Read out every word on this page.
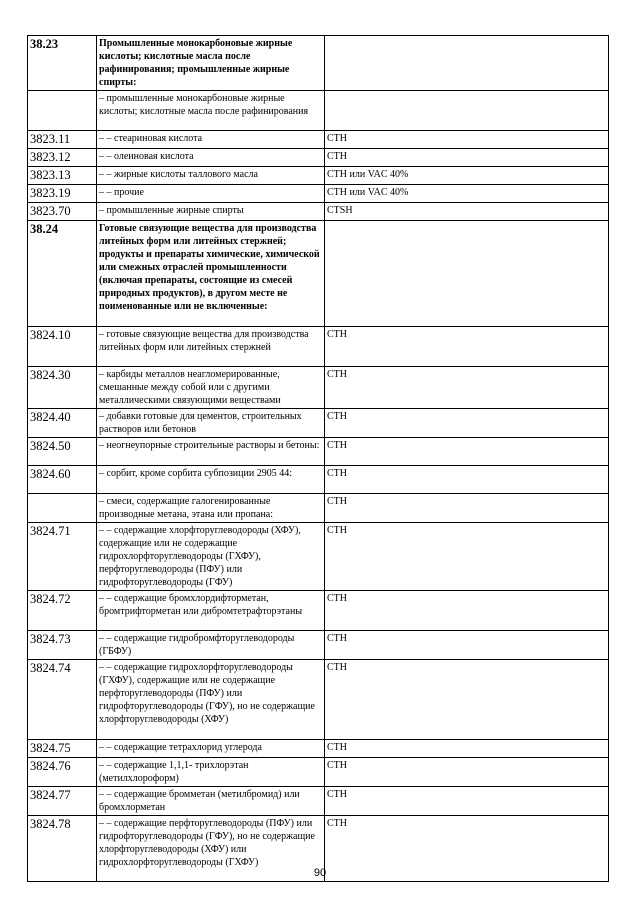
38.23	Промышленные монокарбоновые жирные кислоты; кислотные масла после рафинирования; промышленные жирные спирты:	
	– промышленные монокарбоновые жирные кислоты; кислотные масла после рафинирования	
3823.11	– – стеариновая кислота	CTH
3823.12	– – олеиновая кислота	CTH
3823.13	– – жирные кислоты таллового масла	CTH или VAC 40%
3823.19	– – прочие	CTH или VAC 40%
3823.70	– промышленные жирные спирты	CTSH
38.24	Готовые связующие вещества для производства литейных форм или литейных стержней; продукты и препараты химические, химической или смежных отраслей промышленности (включая препараты, состоящие из смесей природных продуктов), в другом месте не поименованные или не включенные:	
3824.10	– готовые связующие вещества для производства литейных форм или литейных стержней	CTH
3824.30	– карбиды металлов неагломерированные, смешанные между собой или с другими металлическими связующими веществами	CTH
3824.40	– добавки готовые для цементов, строительных растворов или бетонов	CTH
3824.50	– неогнеупорные строительные растворы и бетоны:	CTH
3824.60	– сорбит, кроме сорбита субпозиции 2905 44:	CTH
	– смеси, содержащие галогенированные производные метана, этана или пропана:	CTH
3824.71	– – содержащие хлорфторуглеводороды (ХФУ), содержащие или не содержащие гидрохлорфторуглеводороды (ГХФУ), перфторуглеводороды (ПФУ) или гидрофторуглеводороды (ГФУ)	CTH
3824.72	– – содержащие бромхлордифторметан, бромтрифторметан или дибромтетрафторэтаны	CTH
3824.73	– – содержащие гидробромфторуглеводороды (ГБФУ)	CTH
3824.74	– – содержащие гидрохлорфторуглеводороды (ГХФУ), содержащие или не содержащие перфторуглеводороды (ПФУ) или гидрофторуглеводороды (ГФУ), но не содержащие хлорфторуглеводороды (ХФУ)	CTH
3824.75	– – содержащие тетрахлорид углерода	CTH
3824.76	– – содержащие 1,1,1- трихлорэтан (метилхлороформ)	CTH
3824.77	– – содержащие бромметан (метилбромид) или бромхлорметан	CTH
3824.78	– – содержащие перфторуглеводороды (ПФУ) или гидрофторуглеводороды (ГФУ), но не содержащие хлорфторуглеводороды (ХФУ) или гидрохлорфторуглеводороды (ГХФУ)	CTH
90
